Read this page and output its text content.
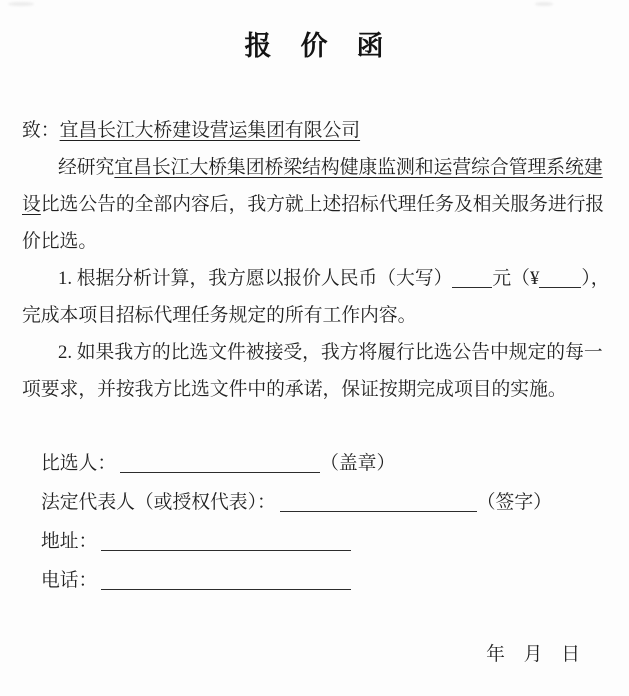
报　价　函
致：宜昌长江大桥建设营运集团有限公司
经研究宜昌长江大桥集团桥梁结构健康监测和运营综合管理系统建
设比选公告的全部内容后，我方就上述招标代理任务及相关服务进行报
价比选。
1. 根据分析计算，我方愿以报价人民币（大写） 元（¥ ），
完成本项目招标代理任务规定的所有工作内容。
2. 如果我方的比选文件被接受，我方将履行比选公告中规定的每一
项要求，并按我方比选文件中的承诺，保证按期完成项目的实施。
比选人：	（盖章）
法定代表人（或授权代表）：	（签字）
地址：
电话：
年　月　日
